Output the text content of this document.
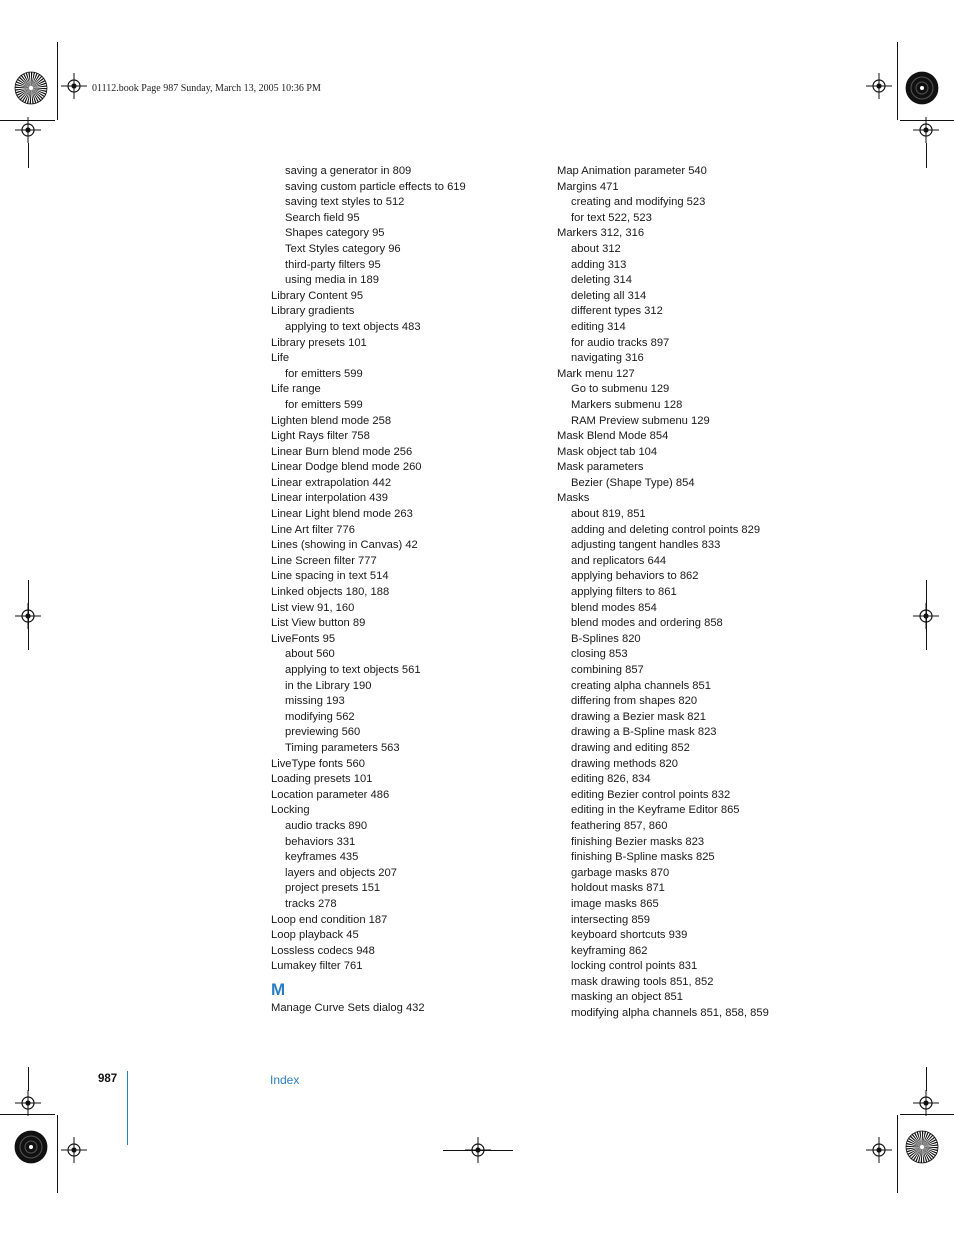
01112.book Page 987 Sunday, March 13, 2005 10:36 PM
saving a generator in 809
saving custom particle effects to 619
saving text styles to 512
Search field 95
Shapes category 95
Text Styles category 96
third-party filters 95
using media in 189
Library Content 95
Library gradients
applying to text objects 483
Library presets 101
Life
for emitters 599
Life range
for emitters 599
Lighten blend mode 258
Light Rays filter 758
Linear Burn blend mode 256
Linear Dodge blend mode 260
Linear extrapolation 442
Linear interpolation 439
Linear Light blend mode 263
Line Art filter 776
Lines (showing in Canvas) 42
Line Screen filter 777
Line spacing in text 514
Linked objects 180, 188
List view 91, 160
List View button 89
LiveFonts 95
about 560
applying to text objects 561
in the Library 190
missing 193
modifying 562
previewing 560
Timing parameters 563
LiveType fonts 560
Loading presets 101
Location parameter 486
Locking
audio tracks 890
behaviors 331
keyframes 435
layers and objects 207
project presets 151
tracks 278
Loop end condition 187
Loop playback 45
Lossless codecs 948
Lumakey filter 761
M
Manage Curve Sets dialog 432
Map Animation parameter 540
Margins 471
creating and modifying 523
for text 522, 523
Markers 312, 316
about 312
adding 313
deleting 314
deleting all 314
different types 312
editing 314
for audio tracks 897
navigating 316
Mark menu 127
Go to submenu 129
Markers submenu 128
RAM Preview submenu 129
Mask Blend Mode 854
Mask object tab 104
Mask parameters
Bezier (Shape Type) 854
Masks
about 819, 851
adding and deleting control points 829
adjusting tangent handles 833
and replicators 644
applying behaviors to 862
applying filters to 861
blend modes 854
blend modes and ordering 858
B-Splines 820
closing 853
combining 857
creating alpha channels 851
differing from shapes 820
drawing a Bezier mask 821
drawing a B-Spline mask 823
drawing and editing 852
drawing methods 820
editing 826, 834
editing Bezier control points 832
editing in the Keyframe Editor 865
feathering 857, 860
finishing Bezier masks 823
finishing B-Spline masks 825
garbage masks 870
holdout masks 871
image masks 865
intersecting 859
keyboard shortcuts 939
keyframing 862
locking control points 831
mask drawing tools 851, 852
masking an object 851
modifying alpha channels 851, 858, 859
987	Index
